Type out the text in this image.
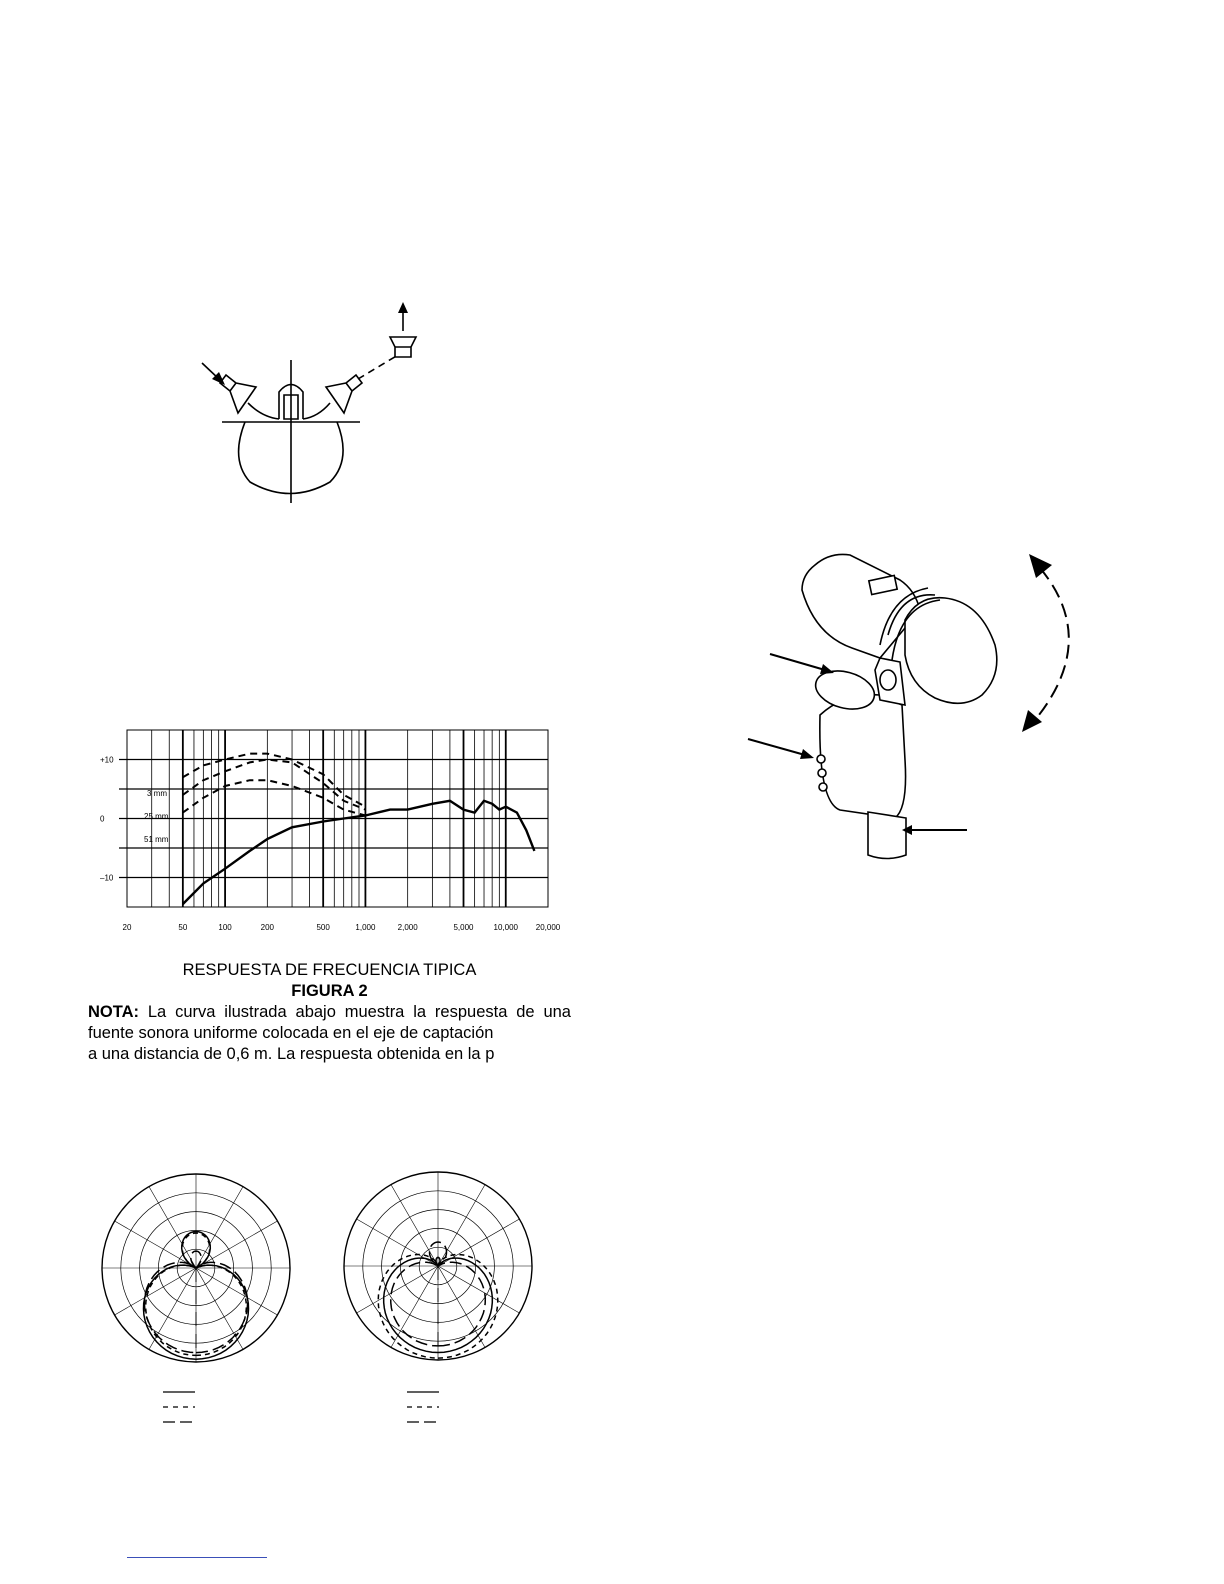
20	50	100	200	500	1,000	2,000	5,000 10,000 20,000
+10
0
–10
3 mm
25 mm
51 mm
RESPUESTA DE FRECUENCIA TIPICA
FIGURA 2
NOTA: La curva ilustrada abajo muestra la respuesta de una fuente sonora uniforme colocada en el eje de captación
a una distancia de 0,6 m. La respuesta obtenida en la p
